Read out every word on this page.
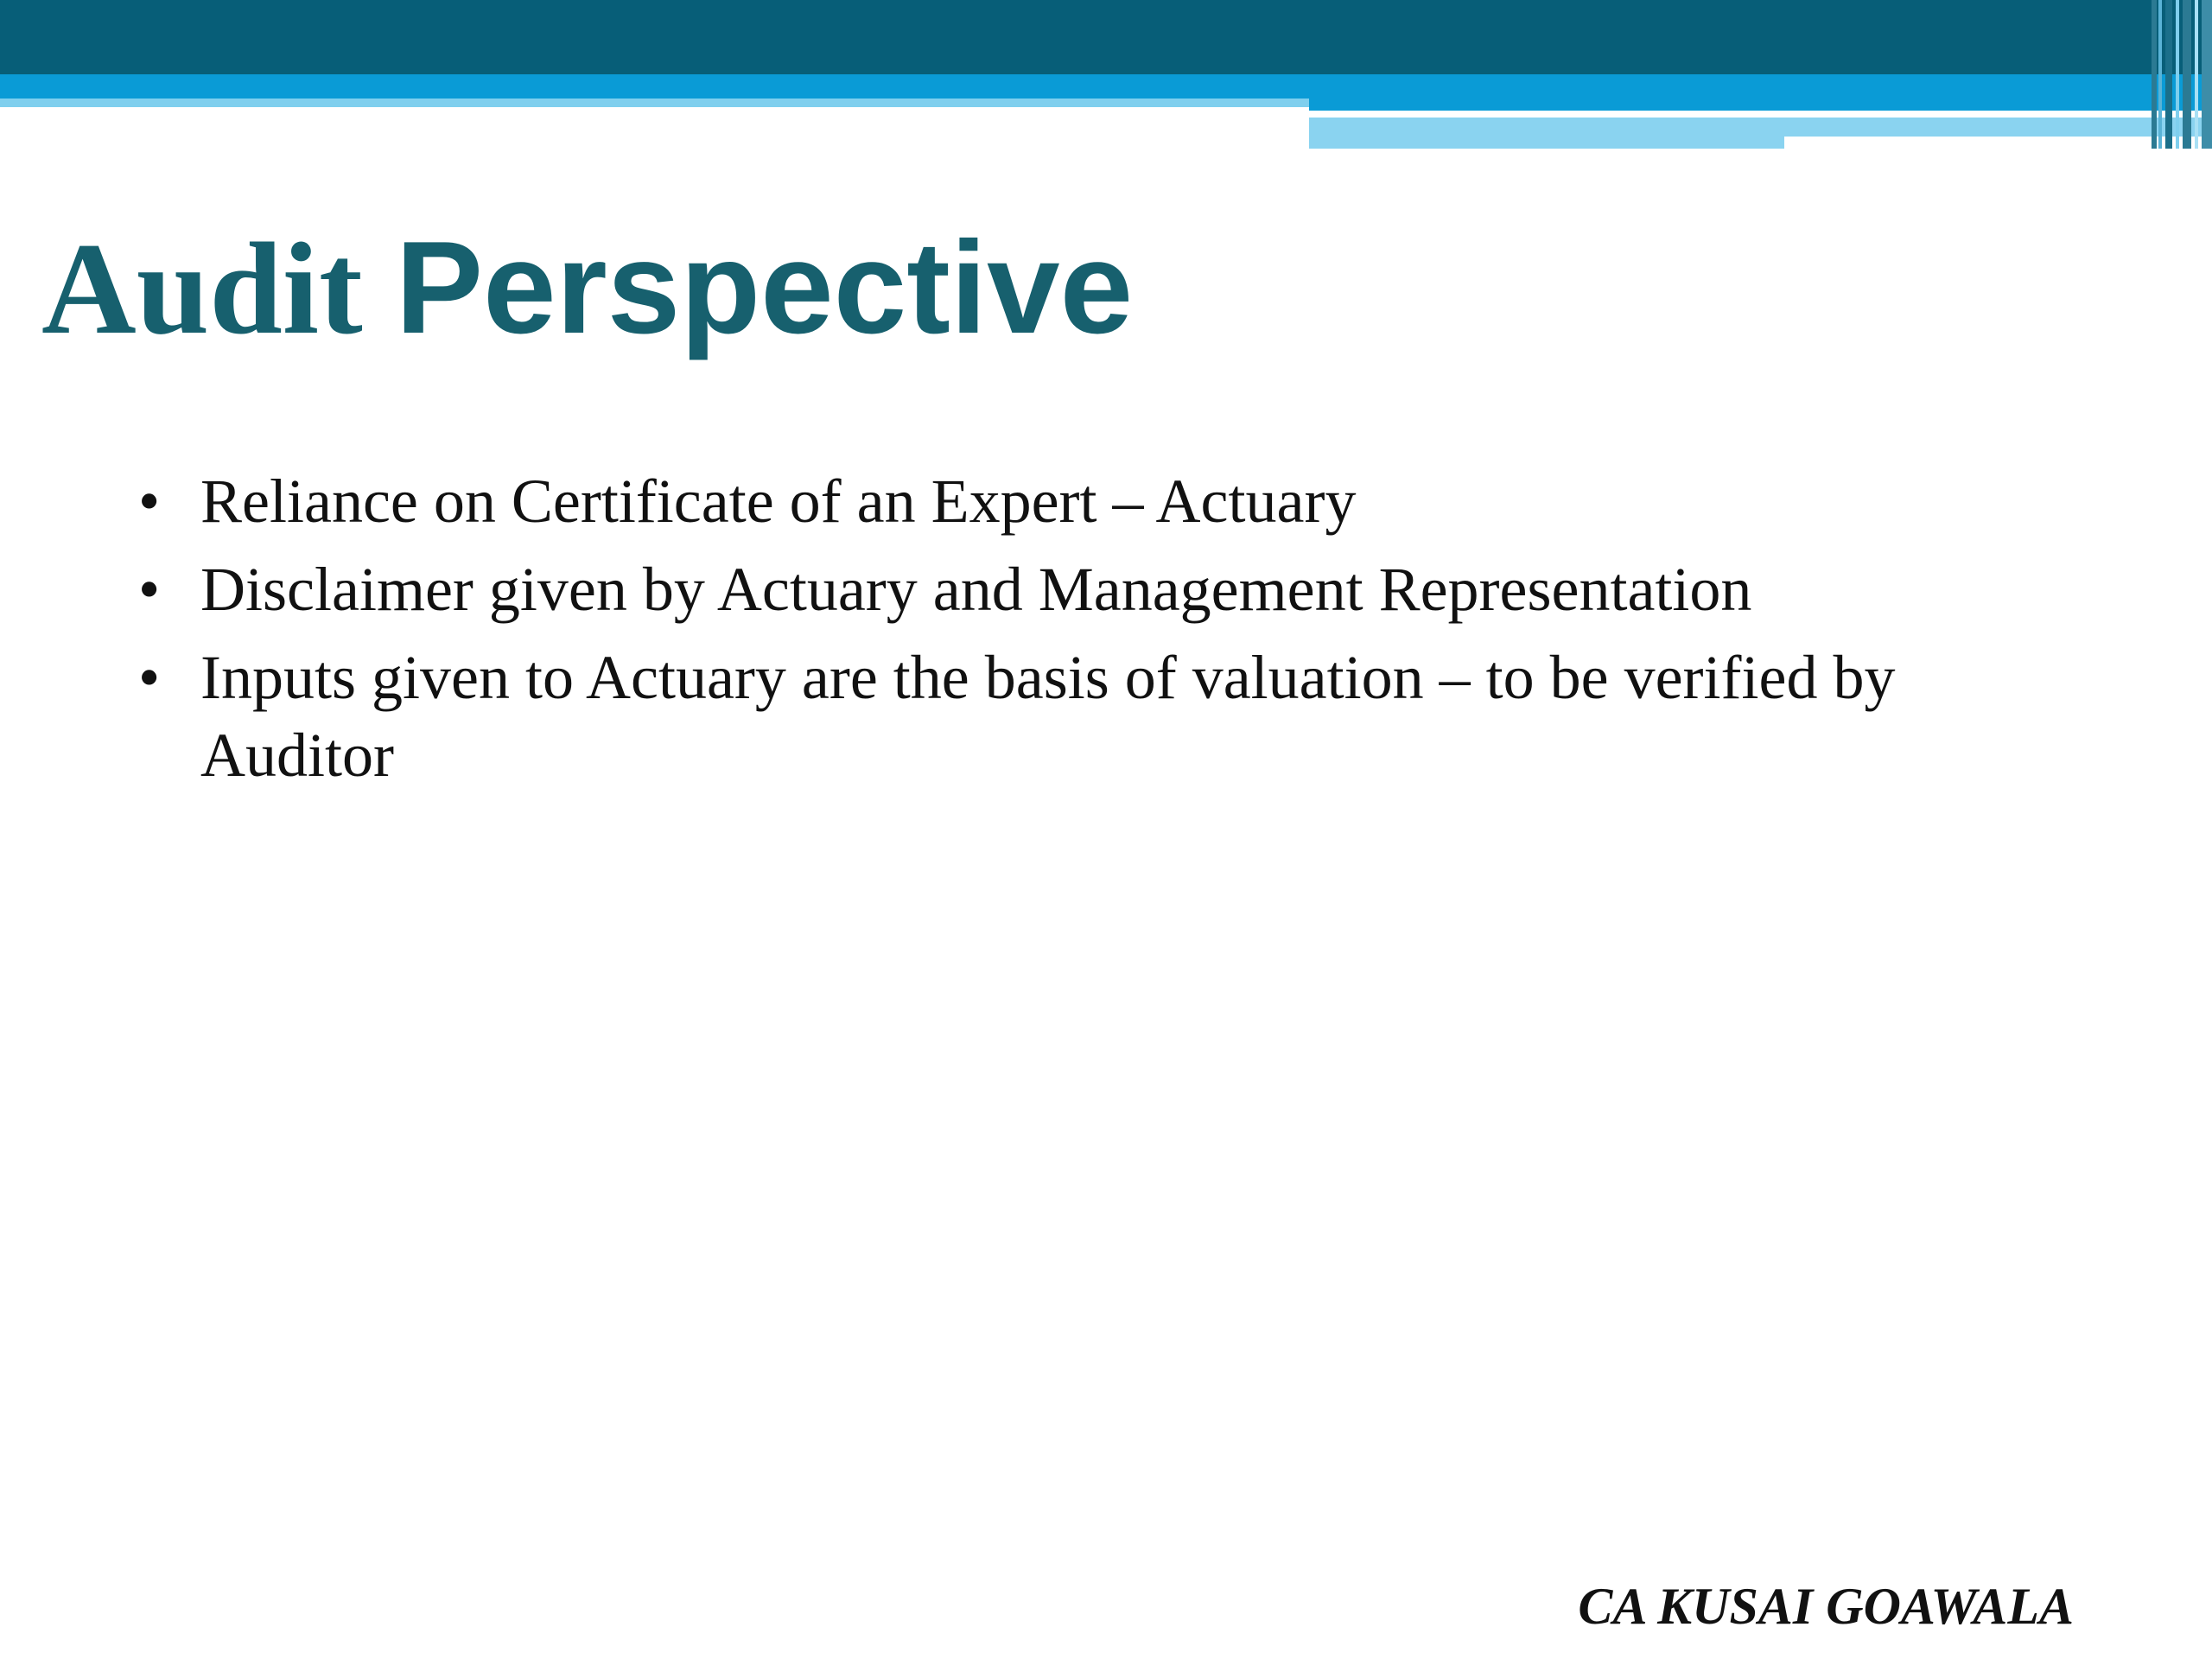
Audit Perspective
• Reliance on Certificate of an Expert – Actuary
• Disclaimer given by Actuary and Management Representation
• Inputs given to Actuary are the basis of valuation – to be verified by Auditor

CA KUSAI GOAWALA
